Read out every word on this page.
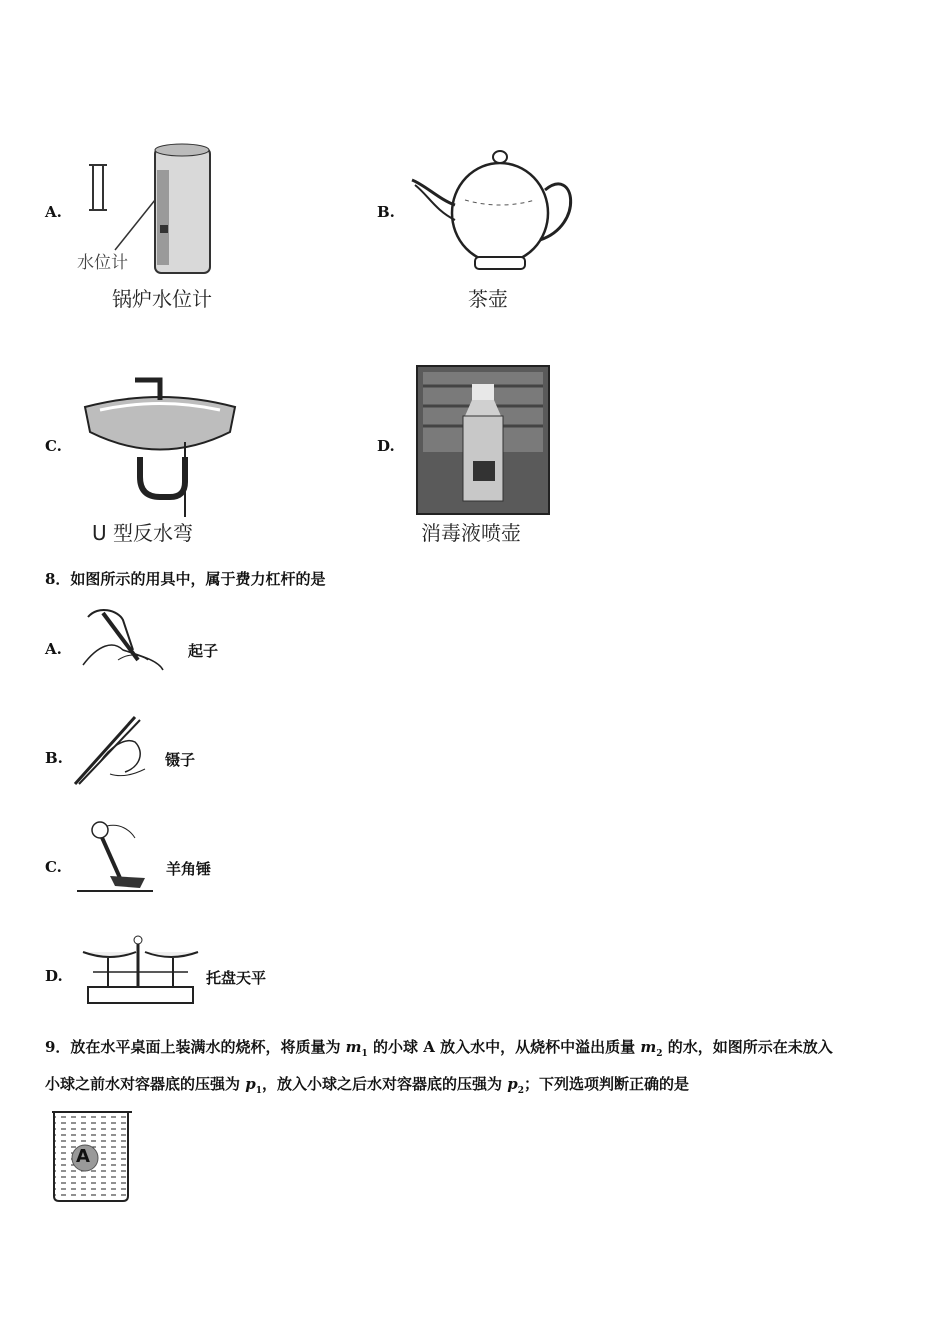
A.
水位计
锅炉水位计
B.
茶壶
C.
U 型反水弯
D.
消毒液喷壶
8．如图所示的用具中，属于费力杠杆的是
A.	起子
B.	镊子
C.	羊角锤
D.	托盘天平
9．放在水平桌面上装满水的烧杯，将质量为 $m_1$ 的小球 A 放入水中，从烧杯中溢出质量 $m_2$ 的水，如图所示在未放入
小球之前水对容器底的压强为 $p_1$，放入小球之后水对容器底的压强为 $p_2$；下列选项判断正确的是
A
